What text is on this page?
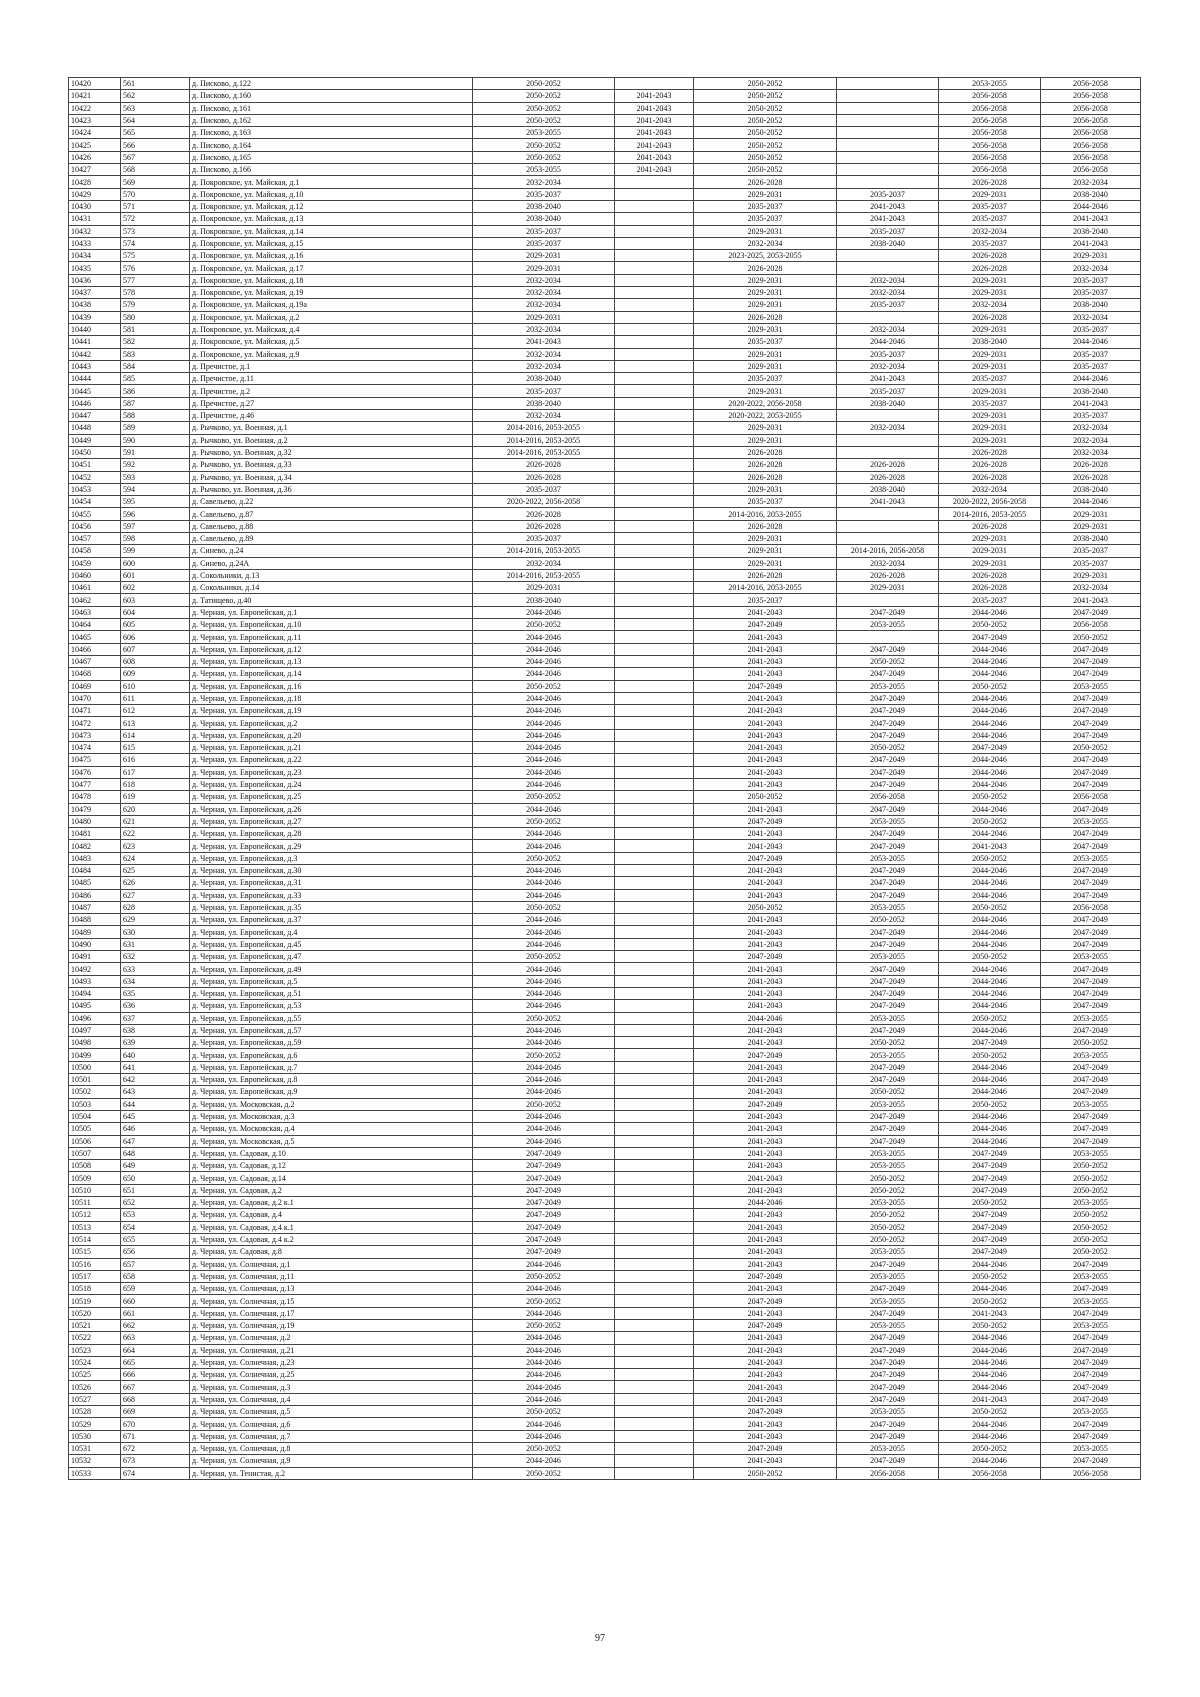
10420	561	д. Писково, д.122	2050-2052		2050-2052		2053-2055	2056-2058
10421	562	д. Писково, д.160	2050-2052	2041-2043	2050-2052		2056-2058	2056-2058
10422	563	д. Писково, д.161	2050-2052	2041-2043	2050-2052		2056-2058	2056-2058
10423	564	д. Писково, д.162	2050-2052	2041-2043	2050-2052		2056-2058	2056-2058
10424	565	д. Писково, д.163	2053-2055	2041-2043	2050-2052		2056-2058	2056-2058
10425	566	д. Писково, д.164	2050-2052	2041-2043	2050-2052		2056-2058	2056-2058
10426	567	д. Писково, д.165	2050-2052	2041-2043	2050-2052		2056-2058	2056-2058
10427	568	д. Писково, д.166	2053-2055	2041-2043	2050-2052		2056-2058	2056-2058
10428	569	д. Покровское, ул. Майская, д.1	2032-2034		2026-2028		2026-2028	2032-2034
10429	570	д. Покровское, ул. Майская, д.10	2035-2037		2029-2031	2035-2037	2029-2031	2038-2040
10430	571	д. Покровское, ул. Майская, д.12	2038-2040		2035-2037	2041-2043	2035-2037	2044-2046
10431	572	д. Покровское, ул. Майская, д.13	2038-2040		2035-2037	2041-2043	2035-2037	2041-2043
10432	573	д. Покровское, ул. Майская, д.14	2035-2037		2029-2031	2035-2037	2032-2034	2038-2040
10433	574	д. Покровское, ул. Майская, д.15	2035-2037		2032-2034	2038-2040	2035-2037	2041-2043
10434	575	д. Покровское, ул. Майская, д.16	2029-2031		2023-2025, 2053-2055		2026-2028	2029-2031
10435	576	д. Покровское, ул. Майская, д.17	2029-2031		2026-2028		2026-2028	2032-2034
10436	577	д. Покровское, ул. Майская, д.18	2032-2034		2029-2031	2032-2034	2029-2031	2035-2037
10437	578	д. Покровское, ул. Майская, д.19	2032-2034		2029-2031	2032-2034	2029-2031	2035-2037
10438	579	д. Покровское, ул. Майская, д.19а	2032-2034		2029-2031	2035-2037	2032-2034	2038-2040
10439	580	д. Покровское, ул. Майская, д.2	2029-2031		2026-2028		2026-2028	2032-2034
10440	581	д. Покровское, ул. Майская, д.4	2032-2034		2029-2031	2032-2034	2029-2031	2035-2037
10441	582	д. Покровское, ул. Майская, д.5	2041-2043		2035-2037	2044-2046	2038-2040	2044-2046
10442	583	д. Покровское, ул. Майская, д.9	2032-2034		2029-2031	2035-2037	2029-2031	2035-2037
10443	584	д. Пречистое, д.1	2032-2034		2029-2031	2032-2034	2029-2031	2035-2037
10444	585	д. Пречистое, д.11	2038-2040		2035-2037	2041-2043	2035-2037	2044-2046
10445	586	д. Пречистое, д.2	2035-2037		2029-2031	2035-2037	2029-2031	2038-2040
10446	587	д. Пречистое, д.27	2038-2040		2020-2022, 2056-2058	2038-2040	2035-2037	2041-2043
10447	588	д. Пречистое, д.46	2032-2034		2020-2022, 2053-2055		2029-2031	2035-2037
10448	589	д. Рычково, ул. Военная, д.1	2014-2016, 2053-2055		2029-2031	2032-2034	2029-2031	2032-2034
10449	590	д. Рычково, ул. Военная, д.2	2014-2016, 2053-2055		2029-2031		2029-2031	2032-2034
10450	591	д. Рычково, ул. Военная, д.32	2014-2016, 2053-2055		2026-2028		2026-2028	2032-2034
10451	592	д. Рычково, ул. Военная, д.33	2026-2028		2026-2028	2026-2028	2026-2028	2026-2028
10452	593	д. Рычково, ул. Военная, д.34	2026-2028		2026-2028	2026-2028	2026-2028	2026-2028
10453	594	д. Рычково, ул. Военная, д.36	2035-2037		2029-2031	2038-2040	2032-2034	2038-2040
10454	595	д. Савельево, д.22	2020-2022, 2056-2058		2035-2037	2041-2043	2020-2022, 2056-2058	2044-2046
10455	596	д. Савельево, д.87	2026-2028		2014-2016, 2053-2055		2014-2016, 2053-2055	2029-2031
10456	597	д. Савельево, д.88	2026-2028		2026-2028		2026-2028	2029-2031
10457	598	д. Савельево, д.89	2035-2037		2029-2031		2029-2031	2038-2040
10458	599	д. Синево, д.24	2014-2016, 2053-2055		2029-2031	2014-2016, 2056-2058	2029-2031	2035-2037
10459	600	д. Синево, д.24А	2032-2034		2029-2031	2032-2034	2029-2031	2035-2037
10460	601	д. Сокольники, д.13	2014-2016, 2053-2055		2026-2028	2026-2028	2026-2028	2029-2031
10461	602	д. Сокольники, д.14	2029-2031		2014-2016, 2053-2055	2029-2031	2026-2028	2032-2034
10462	603	д. Татищево, д.40	2038-2040		2035-2037		2035-2037	2041-2043
10463	604	д. Черная, ул. Европейская, д.1	2044-2046		2041-2043	2047-2049	2044-2046	2047-2049
10464	605	д. Черная, ул. Европейская, д.10	2050-2052		2047-2049	2053-2055	2050-2052	2056-2058
10465	606	д. Черная, ул. Европейская, д.11	2044-2046		2041-2043		2047-2049	2050-2052
10466	607	д. Черная, ул. Европейская, д.12	2044-2046		2041-2043	2047-2049	2044-2046	2047-2049
10467	608	д. Черная, ул. Европейская, д.13	2044-2046		2041-2043	2050-2052	2044-2046	2047-2049
10468	609	д. Черная, ул. Европейская, д.14	2044-2046		2041-2043	2047-2049	2044-2046	2047-2049
10469	610	д. Черная, ул. Европейская, д.16	2050-2052		2047-2049	2053-2055	2050-2052	2053-2055
10470	611	д. Черная, ул. Европейская, д.18	2044-2046		2041-2043	2047-2049	2044-2046	2047-2049
10471	612	д. Черная, ул. Европейская, д.19	2044-2046		2041-2043	2047-2049	2044-2046	2047-2049
10472	613	д. Черная, ул. Европейская, д.2	2044-2046		2041-2043	2047-2049	2044-2046	2047-2049
10473	614	д. Черная, ул. Европейская, д.20	2044-2046		2041-2043	2047-2049	2044-2046	2047-2049
10474	615	д. Черная, ул. Европейская, д.21	2044-2046		2041-2043	2050-2052	2047-2049	2050-2052
10475	616	д. Черная, ул. Европейская, д.22	2044-2046		2041-2043	2047-2049	2044-2046	2047-2049
10476	617	д. Черная, ул. Европейская, д.23	2044-2046		2041-2043	2047-2049	2044-2046	2047-2049
10477	618	д. Черная, ул. Европейская, д.24	2044-2046		2041-2043	2047-2049	2044-2046	2047-2049
10478	619	д. Черная, ул. Европейская, д.25	2050-2052		2050-2052	2056-2058	2050-2052	2056-2058
10479	620	д. Черная, ул. Европейская, д.26	2044-2046		2041-2043	2047-2049	2044-2046	2047-2049
10480	621	д. Черная, ул. Европейская, д.27	2050-2052		2047-2049	2053-2055	2050-2052	2053-2055
10481	622	д. Черная, ул. Европейская, д.28	2044-2046		2041-2043	2047-2049	2044-2046	2047-2049
10482	623	д. Черная, ул. Европейская, д.29	2044-2046		2041-2043	2047-2049	2041-2043	2047-2049
10483	624	д. Черная, ул. Европейская, д.3	2050-2052		2047-2049	2053-2055	2050-2052	2053-2055
10484	625	д. Черная, ул. Европейская, д.30	2044-2046		2041-2043	2047-2049	2044-2046	2047-2049
10485	626	д. Черная, ул. Европейская, д.31	2044-2046		2041-2043	2047-2049	2044-2046	2047-2049
10486	627	д. Черная, ул. Европейская, д.33	2044-2046		2041-2043	2047-2049	2044-2046	2047-2049
10487	628	д. Черная, ул. Европейская, д.35	2050-2052		2050-2052	2053-2055	2050-2052	2056-2058
10488	629	д. Черная, ул. Европейская, д.37	2044-2046		2041-2043	2050-2052	2044-2046	2047-2049
10489	630	д. Черная, ул. Европейская, д.4	2044-2046		2041-2043	2047-2049	2044-2046	2047-2049
10490	631	д. Черная, ул. Европейская, д.45	2044-2046		2041-2043	2047-2049	2044-2046	2047-2049
10491	632	д. Черная, ул. Европейская, д.47	2050-2052		2047-2049	2053-2055	2050-2052	2053-2055
10492	633	д. Черная, ул. Европейская, д.49	2044-2046		2041-2043	2047-2049	2044-2046	2047-2049
10493	634	д. Черная, ул. Европейская, д.5	2044-2046		2041-2043	2047-2049	2044-2046	2047-2049
10494	635	д. Черная, ул. Европейская, д.51	2044-2046		2041-2043	2047-2049	2044-2046	2047-2049
10495	636	д. Черная, ул. Европейская, д.53	2044-2046		2041-2043	2047-2049	2044-2046	2047-2049
10496	637	д. Черная, ул. Европейская, д.55	2050-2052		2044-2046	2053-2055	2050-2052	2053-2055
10497	638	д. Черная, ул. Европейская, д.57	2044-2046		2041-2043	2047-2049	2044-2046	2047-2049
10498	639	д. Черная, ул. Европейская, д.59	2044-2046		2041-2043	2050-2052	2047-2049	2050-2052
10499	640	д. Черная, ул. Европейская, д.6	2050-2052		2047-2049	2053-2055	2050-2052	2053-2055
10500	641	д. Черная, ул. Европейская, д.7	2044-2046		2041-2043	2047-2049	2044-2046	2047-2049
10501	642	д. Черная, ул. Европейская, д.8	2044-2046		2041-2043	2047-2049	2044-2046	2047-2049
10502	643	д. Черная, ул. Европейская, д.9	2044-2046		2041-2043	2050-2052	2044-2046	2047-2049
10503	644	д. Черная, ул. Московская, д.2	2050-2052		2047-2049	2053-2055	2050-2052	2053-2055
10504	645	д. Черная, ул. Московская, д.3	2044-2046		2041-2043	2047-2049	2044-2046	2047-2049
10505	646	д. Черная, ул. Московская, д.4	2044-2046		2041-2043	2047-2049	2044-2046	2047-2049
10506	647	д. Черная, ул. Московская, д.5	2044-2046		2041-2043	2047-2049	2044-2046	2047-2049
10507	648	д. Черная, ул. Садовая, д.10	2047-2049		2041-2043	2053-2055	2047-2049	2053-2055
10508	649	д. Черная, ул. Садовая, д.12	2047-2049		2041-2043	2053-2055	2047-2049	2050-2052
10509	650	д. Черная, ул. Садовая, д.14	2047-2049		2041-2043	2050-2052	2047-2049	2050-2052
10510	651	д. Черная, ул. Садовая, д.2	2047-2049		2041-2043	2050-2052	2047-2049	2050-2052
10511	652	д. Черная, ул. Садовая, д.2 к.1	2047-2049		2044-2046	2053-2055	2050-2052	2053-2055
10512	653	д. Черная, ул. Садовая, д.4	2047-2049		2041-2043	2050-2052	2047-2049	2050-2052
10513	654	д. Черная, ул. Садовая, д.4 к.1	2047-2049		2041-2043	2050-2052	2047-2049	2050-2052
10514	655	д. Черная, ул. Садовая, д.4 к.2	2047-2049		2041-2043	2050-2052	2047-2049	2050-2052
10515	656	д. Черная, ул. Садовая, д.8	2047-2049		2041-2043	2053-2055	2047-2049	2050-2052
10516	657	д. Черная, ул. Солнечная, д.1	2044-2046		2041-2043	2047-2049	2044-2046	2047-2049
10517	658	д. Черная, ул. Солнечная, д.11	2050-2052		2047-2049	2053-2055	2050-2052	2053-2055
10518	659	д. Черная, ул. Солнечная, д.13	2044-2046		2041-2043	2047-2049	2044-2046	2047-2049
10519	660	д. Черная, ул. Солнечная, д.15	2050-2052		2047-2049	2053-2055	2050-2052	2053-2055
10520	661	д. Черная, ул. Солнечная, д.17	2044-2046		2041-2043	2047-2049	2041-2043	2047-2049
10521	662	д. Черная, ул. Солнечная, д.19	2050-2052		2047-2049	2053-2055	2050-2052	2053-2055
10522	663	д. Черная, ул. Солнечная, д.2	2044-2046		2041-2043	2047-2049	2044-2046	2047-2049
10523	664	д. Черная, ул. Солнечная, д.21	2044-2046		2041-2043	2047-2049	2044-2046	2047-2049
10524	665	д. Черная, ул. Солнечная, д.23	2044-2046		2041-2043	2047-2049	2044-2046	2047-2049
10525	666	д. Черная, ул. Солнечная, д.25	2044-2046		2041-2043	2047-2049	2044-2046	2047-2049
10526	667	д. Черная, ул. Солнечная, д.3	2044-2046		2041-2043	2047-2049	2044-2046	2047-2049
10527	668	д. Черная, ул. Солнечная, д.4	2044-2046		2041-2043	2047-2049	2041-2043	2047-2049
10528	669	д. Черная, ул. Солнечная, д.5	2050-2052		2047-2049	2053-2055	2050-2052	2053-2055
10529	670	д. Черная, ул. Солнечная, д.6	2044-2046		2041-2043	2047-2049	2044-2046	2047-2049
10530	671	д. Черная, ул. Солнечная, д.7	2044-2046		2041-2043	2047-2049	2044-2046	2047-2049
10531	672	д. Черная, ул. Солнечная, д.8	2050-2052		2047-2049	2053-2055	2050-2052	2053-2055
10532	673	д. Черная, ул. Солнечная, д.9	2044-2046		2041-2043	2047-2049	2044-2046	2047-2049
10533	674	д. Черная, ул. Тенистая, д.2	2050-2052		2050-2052	2056-2058	2056-2058	2056-2058
97
